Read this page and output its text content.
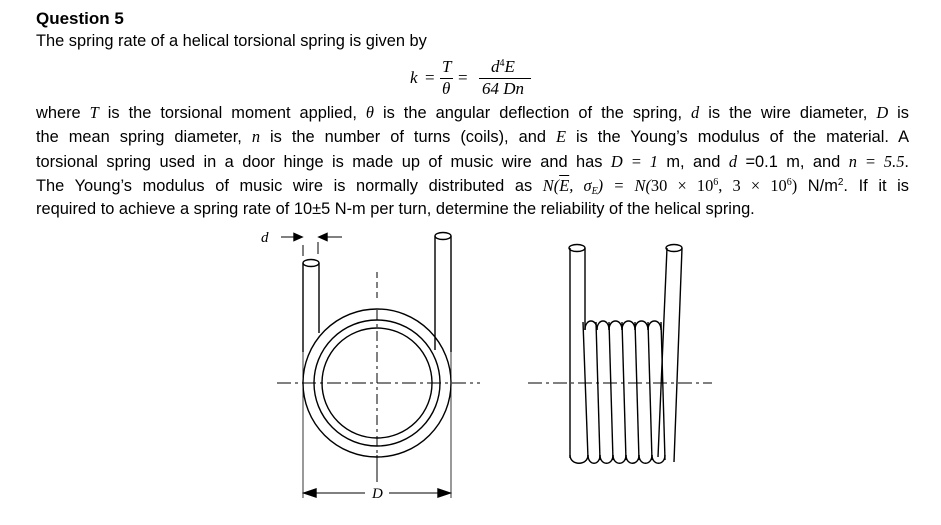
Question 5
The spring rate of a helical torsional spring is given by
k =
T
θ
=
$d^4E$
64 Dn
where T is the torsional moment applied, θ is the angular deflection of the spring, d is the wire diameter, D is
the mean spring diameter, n is the number of turns (coils), and E is the Young’s modulus of the material. A
torsional spring used in a door hinge is made up of music wire and has D = 1 m, and d =0.1 m, and n = 5.5.
The Young’s modulus of music wire is normally distributed as $N(\overline{E}$, $\sigma_E) = N(30 \times 10^6$, $3 \times 10^6$) $N/m^2$. If it is
required to achieve a spring rate of 10±5 N-m per turn, determine the reliability of the helical spring.
d
D
